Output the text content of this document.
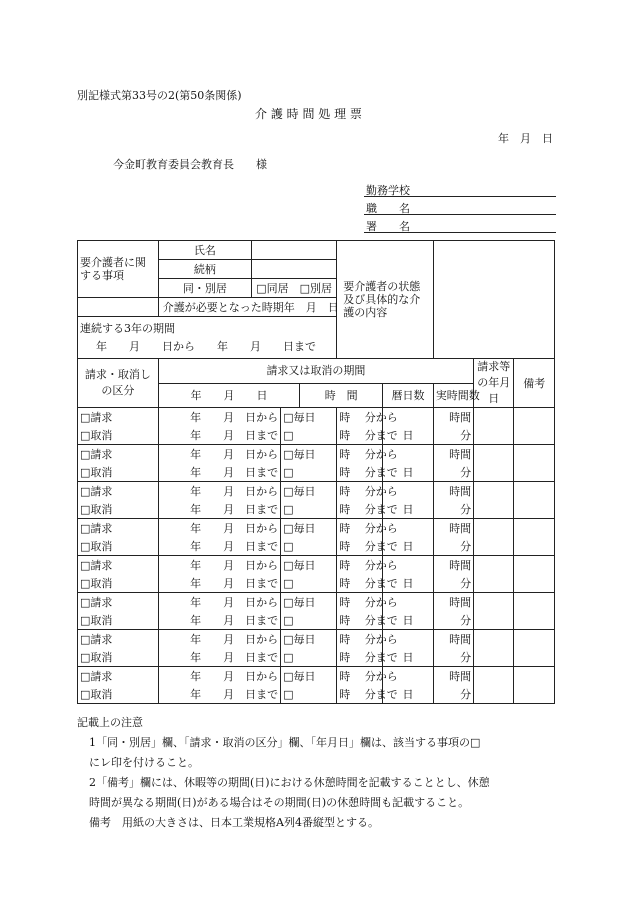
別記様式第33号の2(第50条関係)
介 護 時 間 処 理 票
年　月　日
今金町教育委員会教育長　　様
勤務学校
職　　名
署　　名
要介護者に関する事項	氏名				要介護者の状態及び具体的な介護の内容				
	続柄								
	同・別居	□同居　□別居							

	介護が必要となった時期 年　月　日								

連続する3年の期間
年　　月　　日から　　年　　月　　日まで									

請求・取消しの区分	請求又は取消の期間							請求等の年月日	備考
	年　　月　　日			時　間		暦日数	実時間数		
□請求	年　　月　日から		□毎日		時　 分から		時間		
□取消	年　　月　日まで		□		時　 分まで	日	分		
□請求	年　　月　日から		□毎日		時　 分から		時間		
□取消	年　　月　日まで		□		時　 分まで	日	分		
□請求	年　　月　日から		□毎日		時　 分から		時間		
□取消	年　　月　日まで		□		時　 分まで	日	分		
□請求	年　　月　日から		□毎日		時　 分から		時間		
□取消	年　　月　日まで		□		時　 分まで	日	分		
□請求	年　　月　日から		□毎日		時　 分から		時間		
□取消	年　　月　日まで		□		時　 分まで	日	分		
□請求	年　　月　日から		□毎日		時　 分から		時間		
□取消	年　　月　日まで		□		時　 分まで	日	分		
□請求	年　　月　日から		□毎日		時　 分から		時間		
□取消	年　　月　日まで		□		時　 分まで	日	分		
□請求	年　　月　日から		□毎日		時　 分から		時間		
□取消	年　　月　日まで		□		時　 分まで	日	分		
記載上の注意
1「同・別居」欄、「請求・取消の区分」欄、「年月日」欄は、該当する事項の□
にレ印を付けること。
2「備考」欄には、休暇等の期間(日)における休憩時間を記載することとし、休憩
時間が異なる期間(日)がある場合はその期間(日)の休憩時間も記載すること。
備考　用紙の大きさは、日本工業規格A列4番縦型とする。
